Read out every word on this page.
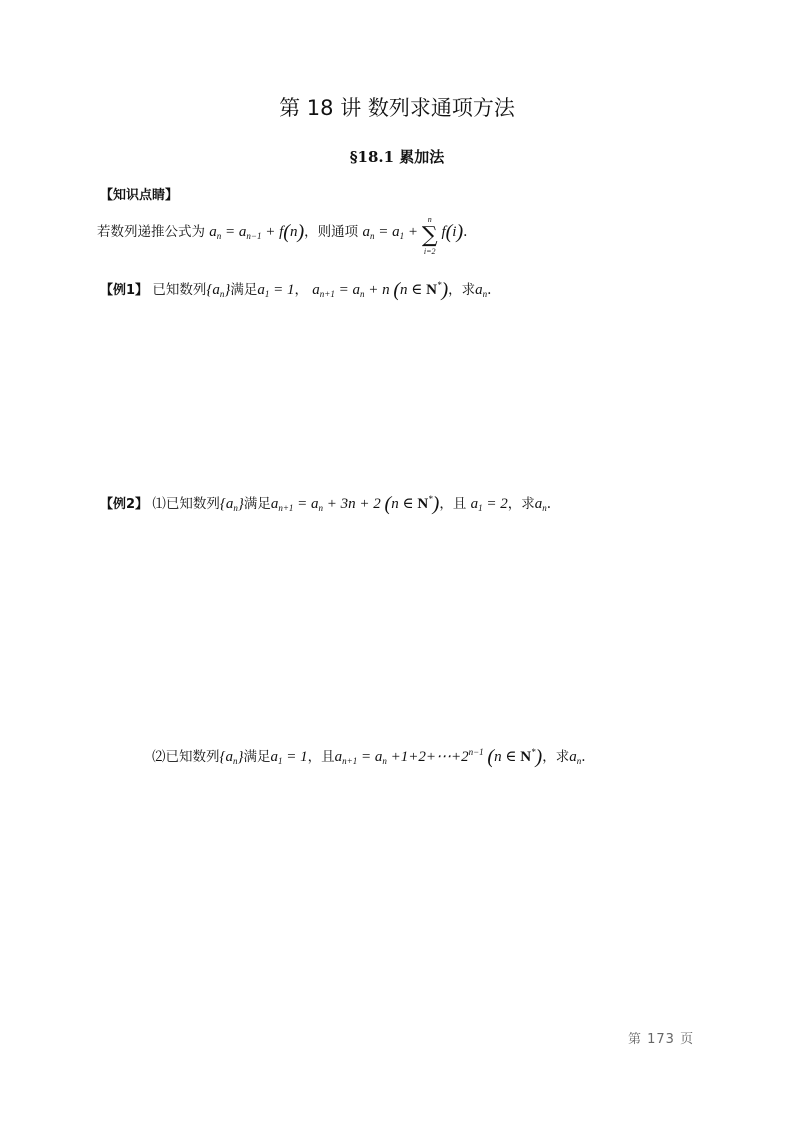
第 18 讲 数列求通项方法
§18.1 累加法
【知识点睛】
若数列递推公式为 $a_n = a_{n-1} + f(n)$，则通项 $a_n = a_1$ +
n
∑
i=2
f(i).
【例1】 已知数列$\{a_n\}$满足$a_1 = 1$， $a_{n+1} = a_n + n$ (n ∈ N*)，求$a_n$.
【例2】 ⑴已知数列$\{a_n\}$满足$a_{n+1} = a_n + 3n + 2$ (n ∈ N*)，且 $a_1 = 2$，求$a_n$.
⑵已知数列$\{a_n\}$满足$a_1 = 1$，且$a_{n+1} = a_n$ $+1+2+\cdots+2^{n-1}$ (n ∈ N*)，求$a_n$.
第 173 页
